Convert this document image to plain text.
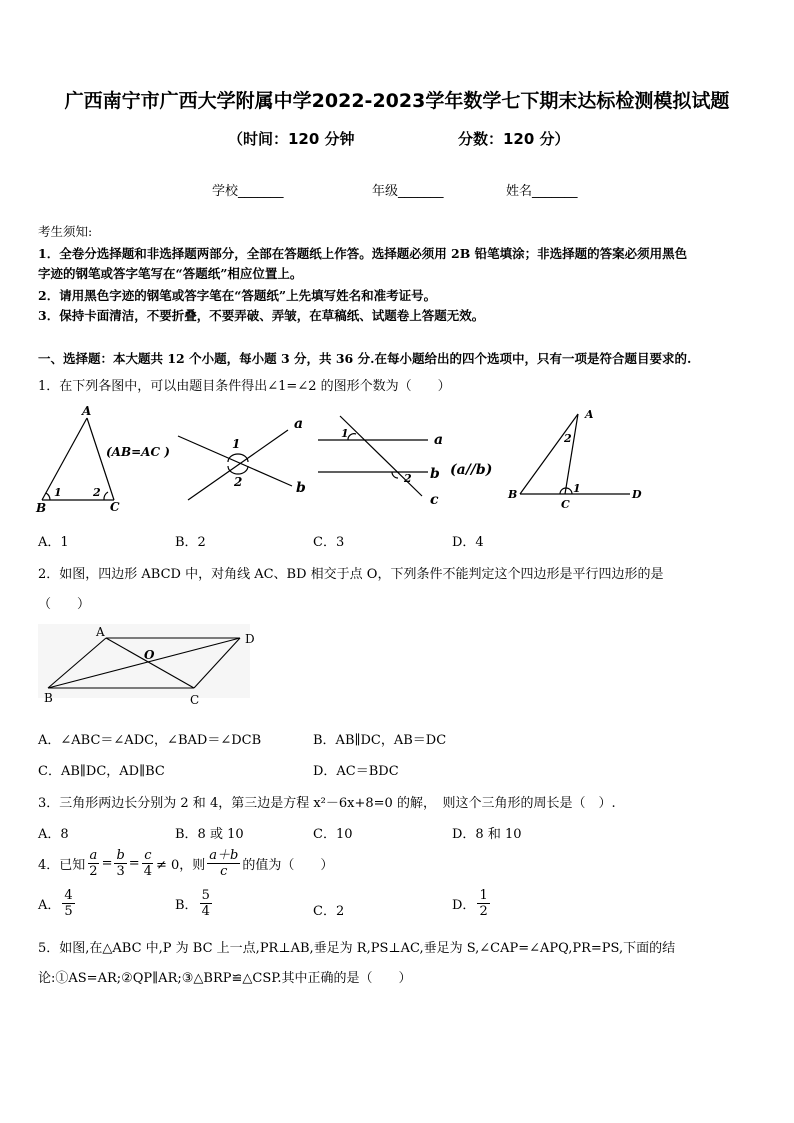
广西南宁市广西大学附属中学2022-2023学年数学七下期末达标检测模拟试题
（时间：120 分钟	分数：120 分）
学校_______	年级_______	姓名_______
考生须知:
1．全卷分选择题和非选择题两部分，全部在答题纸上作答。选择题必须用 2B 铅笔填涂；非选择题的答案必须用黑色
字迹的钢笔或答字笔写在“答题纸”相应位置上。
2．请用黑色字迹的钢笔或答字笔在“答题纸”上先填写姓名和准考证号。
3．保持卡面清洁，不要折叠，不要弄破、弄皱，在草稿纸、试题卷上答题无效。
一、选择题：本大题共 12 个小题，每小题 3 分，共 36 分.在每小题给出的四个选项中，只有一项是符合题目要求的.
1．在下列各图中，可以由题目条件得出∠1=∠2 的图形个数为（　　）
A
B	C
1	2
(AB=AC )
a
b
1
2
a
b
c
1
2
(a//b)
A
B
C
D
1
2
A．1	B．2	C．3	D．4
2．如图，四边形 ABCD 中，对角线 AC、BD 相交于点 O，下列条件不能判定这个四边形是平行四边形的是
（　　）
A	D
B	C
O
A．∠ABC＝∠ADC，∠BAD＝∠DCB	B．AB∥DC，AB＝DC
C．AB∥DC，AD∥BC	D．AC＝BDC
3．三角形两边长分别为 2 和 4，第三边是方程 x²－6x+8=0 的解，　则这个三角形的周长是（　）.
A．8	B．8 或 10	C．10	D．8 和 10
4．已知 $\frac{a}{2} = \frac{b}{3} = \frac{c}{4} \ne 0$，则 $\frac{a+b}{c}$ 的值为（　　）
A． $\frac{4}{5}$	B． $\frac{5}{4}$	C．2	D． $\frac{1}{2}$
5．如图,在△ABC 中,P 为 BC 上一点,PR⊥AB,垂足为 R,PS⊥AC,垂足为 S,∠CAP=∠APQ,PR=PS,下面的结
论:①AS=AR;②QP∥AR;③△BRP≌△CSP.其中正确的是（　　）
